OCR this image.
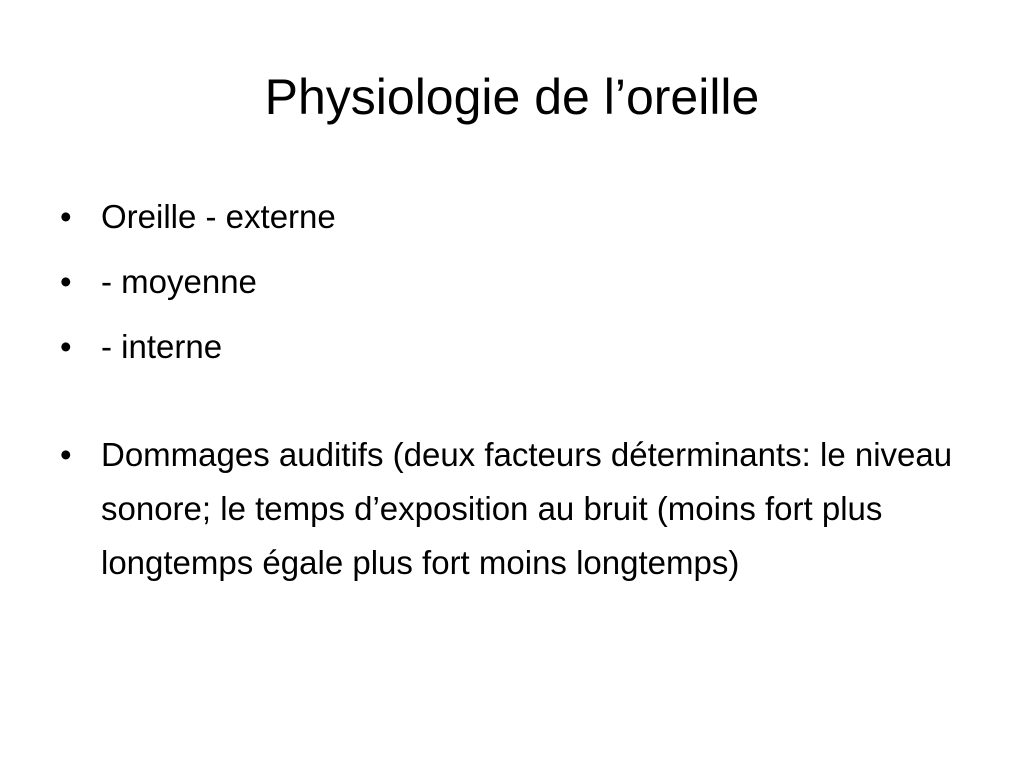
Physiologie de l’oreille
• Oreille - externe
• - moyenne
• - interne
• Dommages auditifs (deux facteurs déterminants: le niveau sonore; le temps d’exposition au bruit (moins fort plus longtemps égale plus fort moins longtemps)
